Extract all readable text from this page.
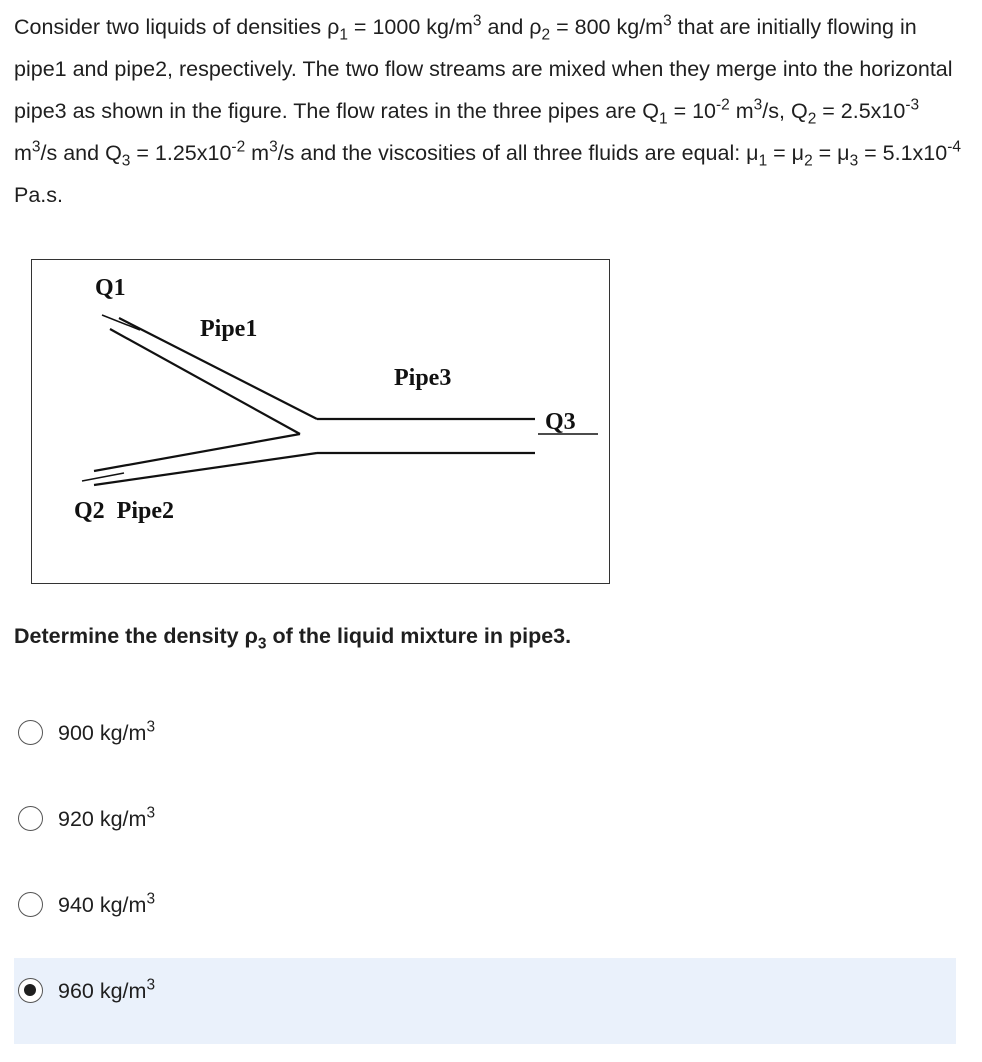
Consider two liquids of densities $\rho_1 = 1000$ $kg/m^3$ and $\rho_2 = 800$ $kg/m^3$ that are initially flowing in pipe1 and pipe2, respectively. The two flow streams are mixed when they merge into the horizontal pipe3 as shown in the figure. The flow rates in the three pipes are $Q_1 = 10^{-2}$ $m^3/s$, $Q_2 = 2.5x10^{-3}$ $m^3/s$ and $Q_3 = 1.25x10^{-2}$ $m^3/s$ and the viscosities of all three fluids are equal: $\mu_1 = \mu_2 = \mu_3 = 5.1x10^{-4}$ Pa.s.

Q1
Pipe1
Pipe3
Q3
Q2  Pipe2

Determine the density $\rho_3$ of the liquid mixture in pipe3.

900 $kg/m^3$
920 $kg/m^3$
940 $kg/m^3$
960 $kg/m^3$
